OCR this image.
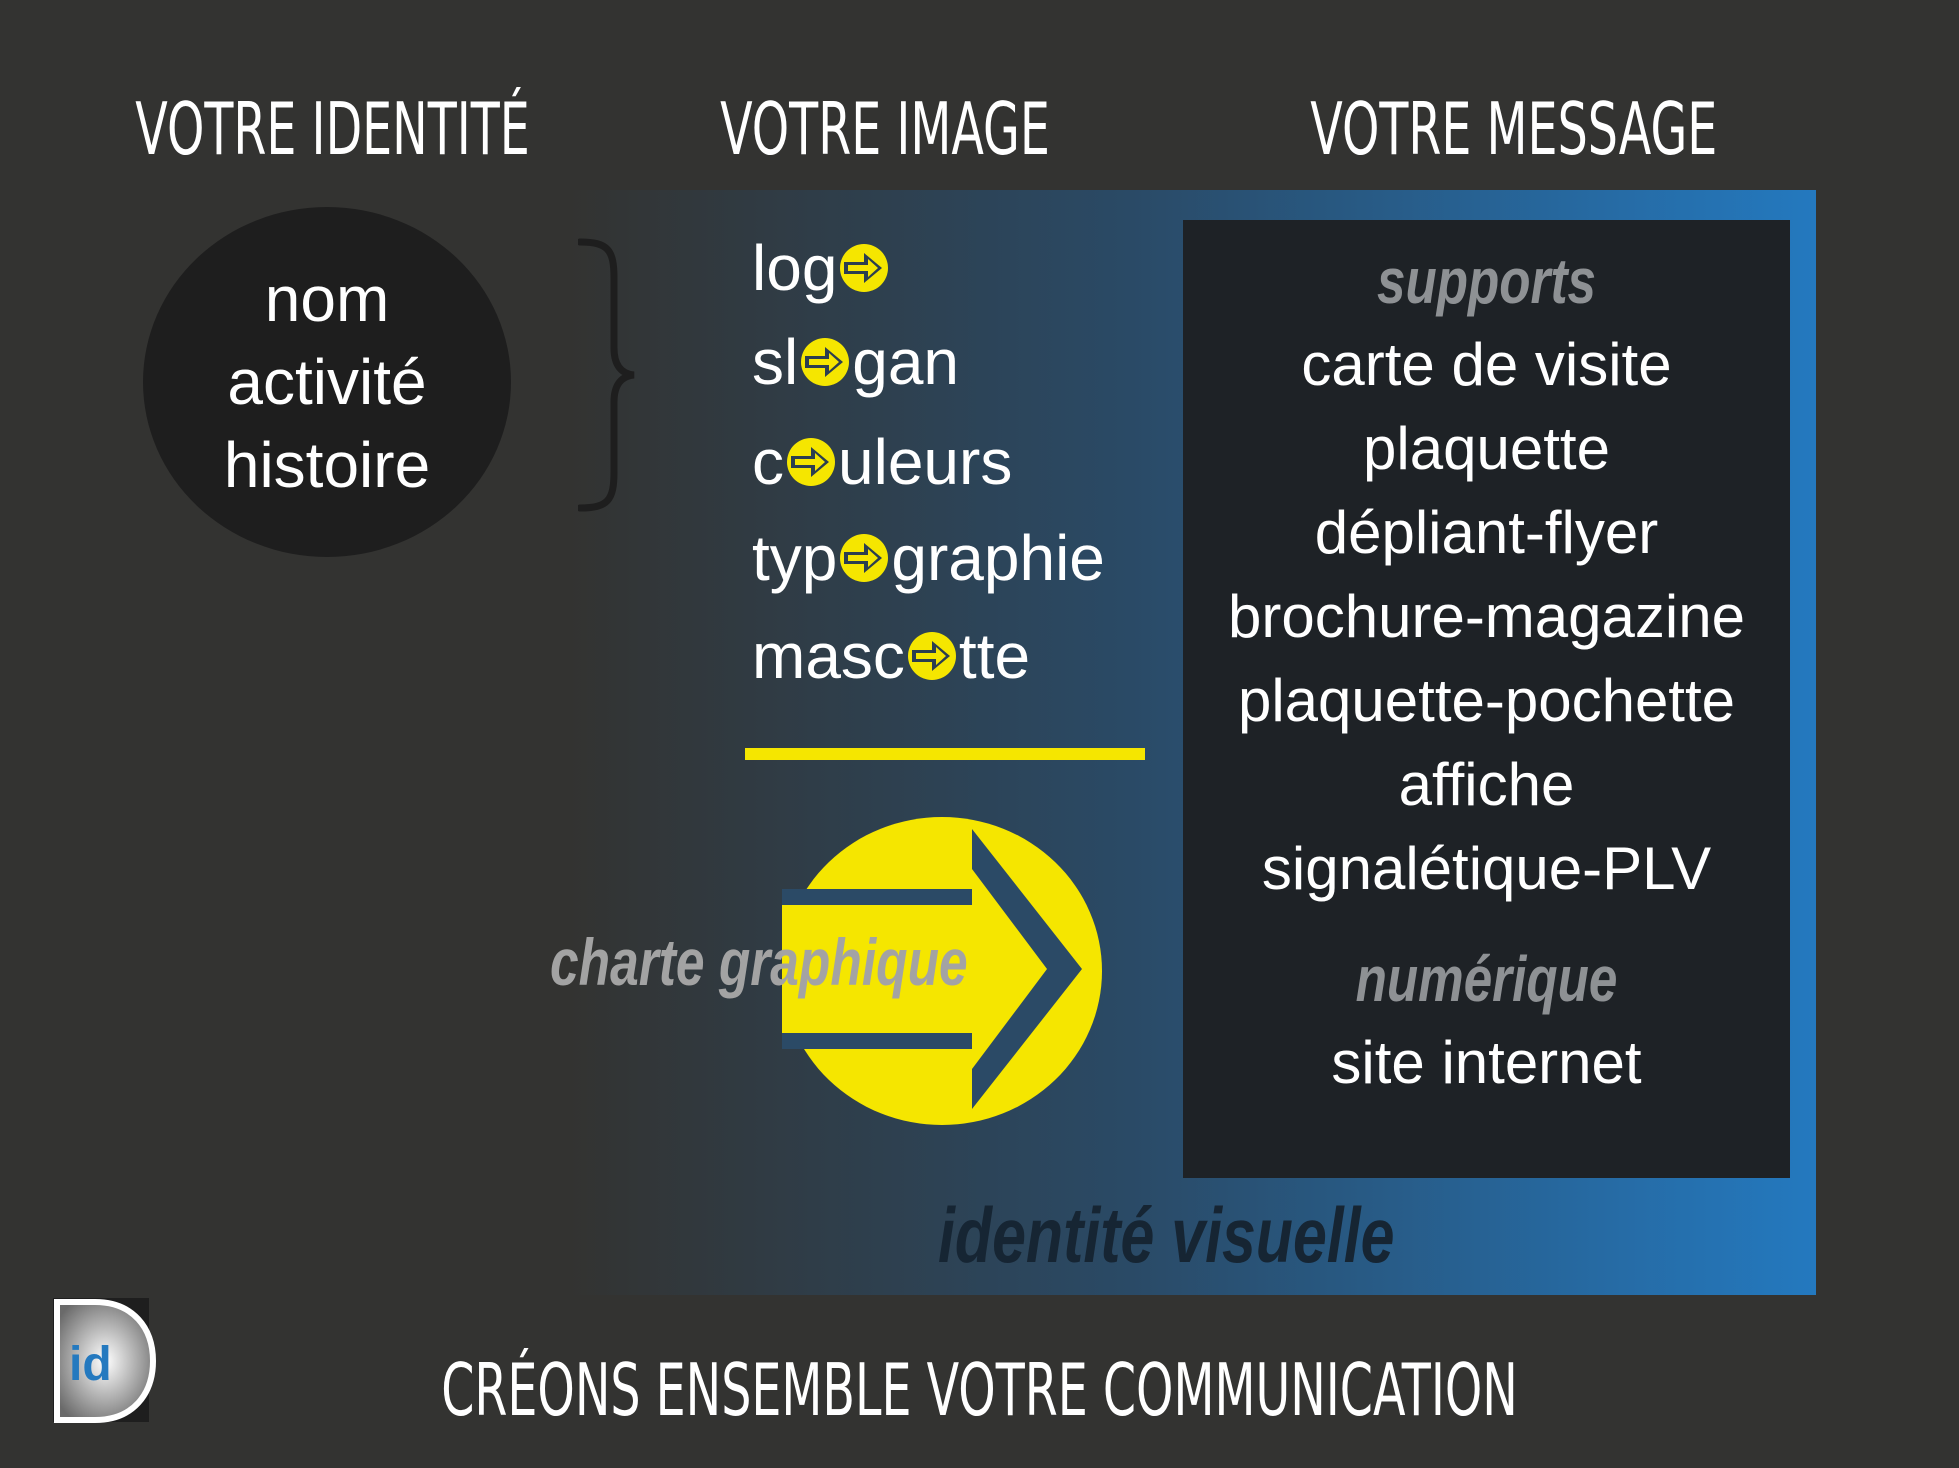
VOTRE IDENTITÉ	VOTRE IMAGE	VOTRE MESSAGE
nom
activité
histoire
log
sl gan
c uleurs
typ graphie
masc tte
charte graphique
supports
carte de visite
plaquette
dépliant-flyer
brochure-magazine
plaquette-pochette
affiche
signalétique-PLV
numérique
site internet
identité visuelle
CRÉONS ENSEMBLE VOTRE COMMUNICATION
id
